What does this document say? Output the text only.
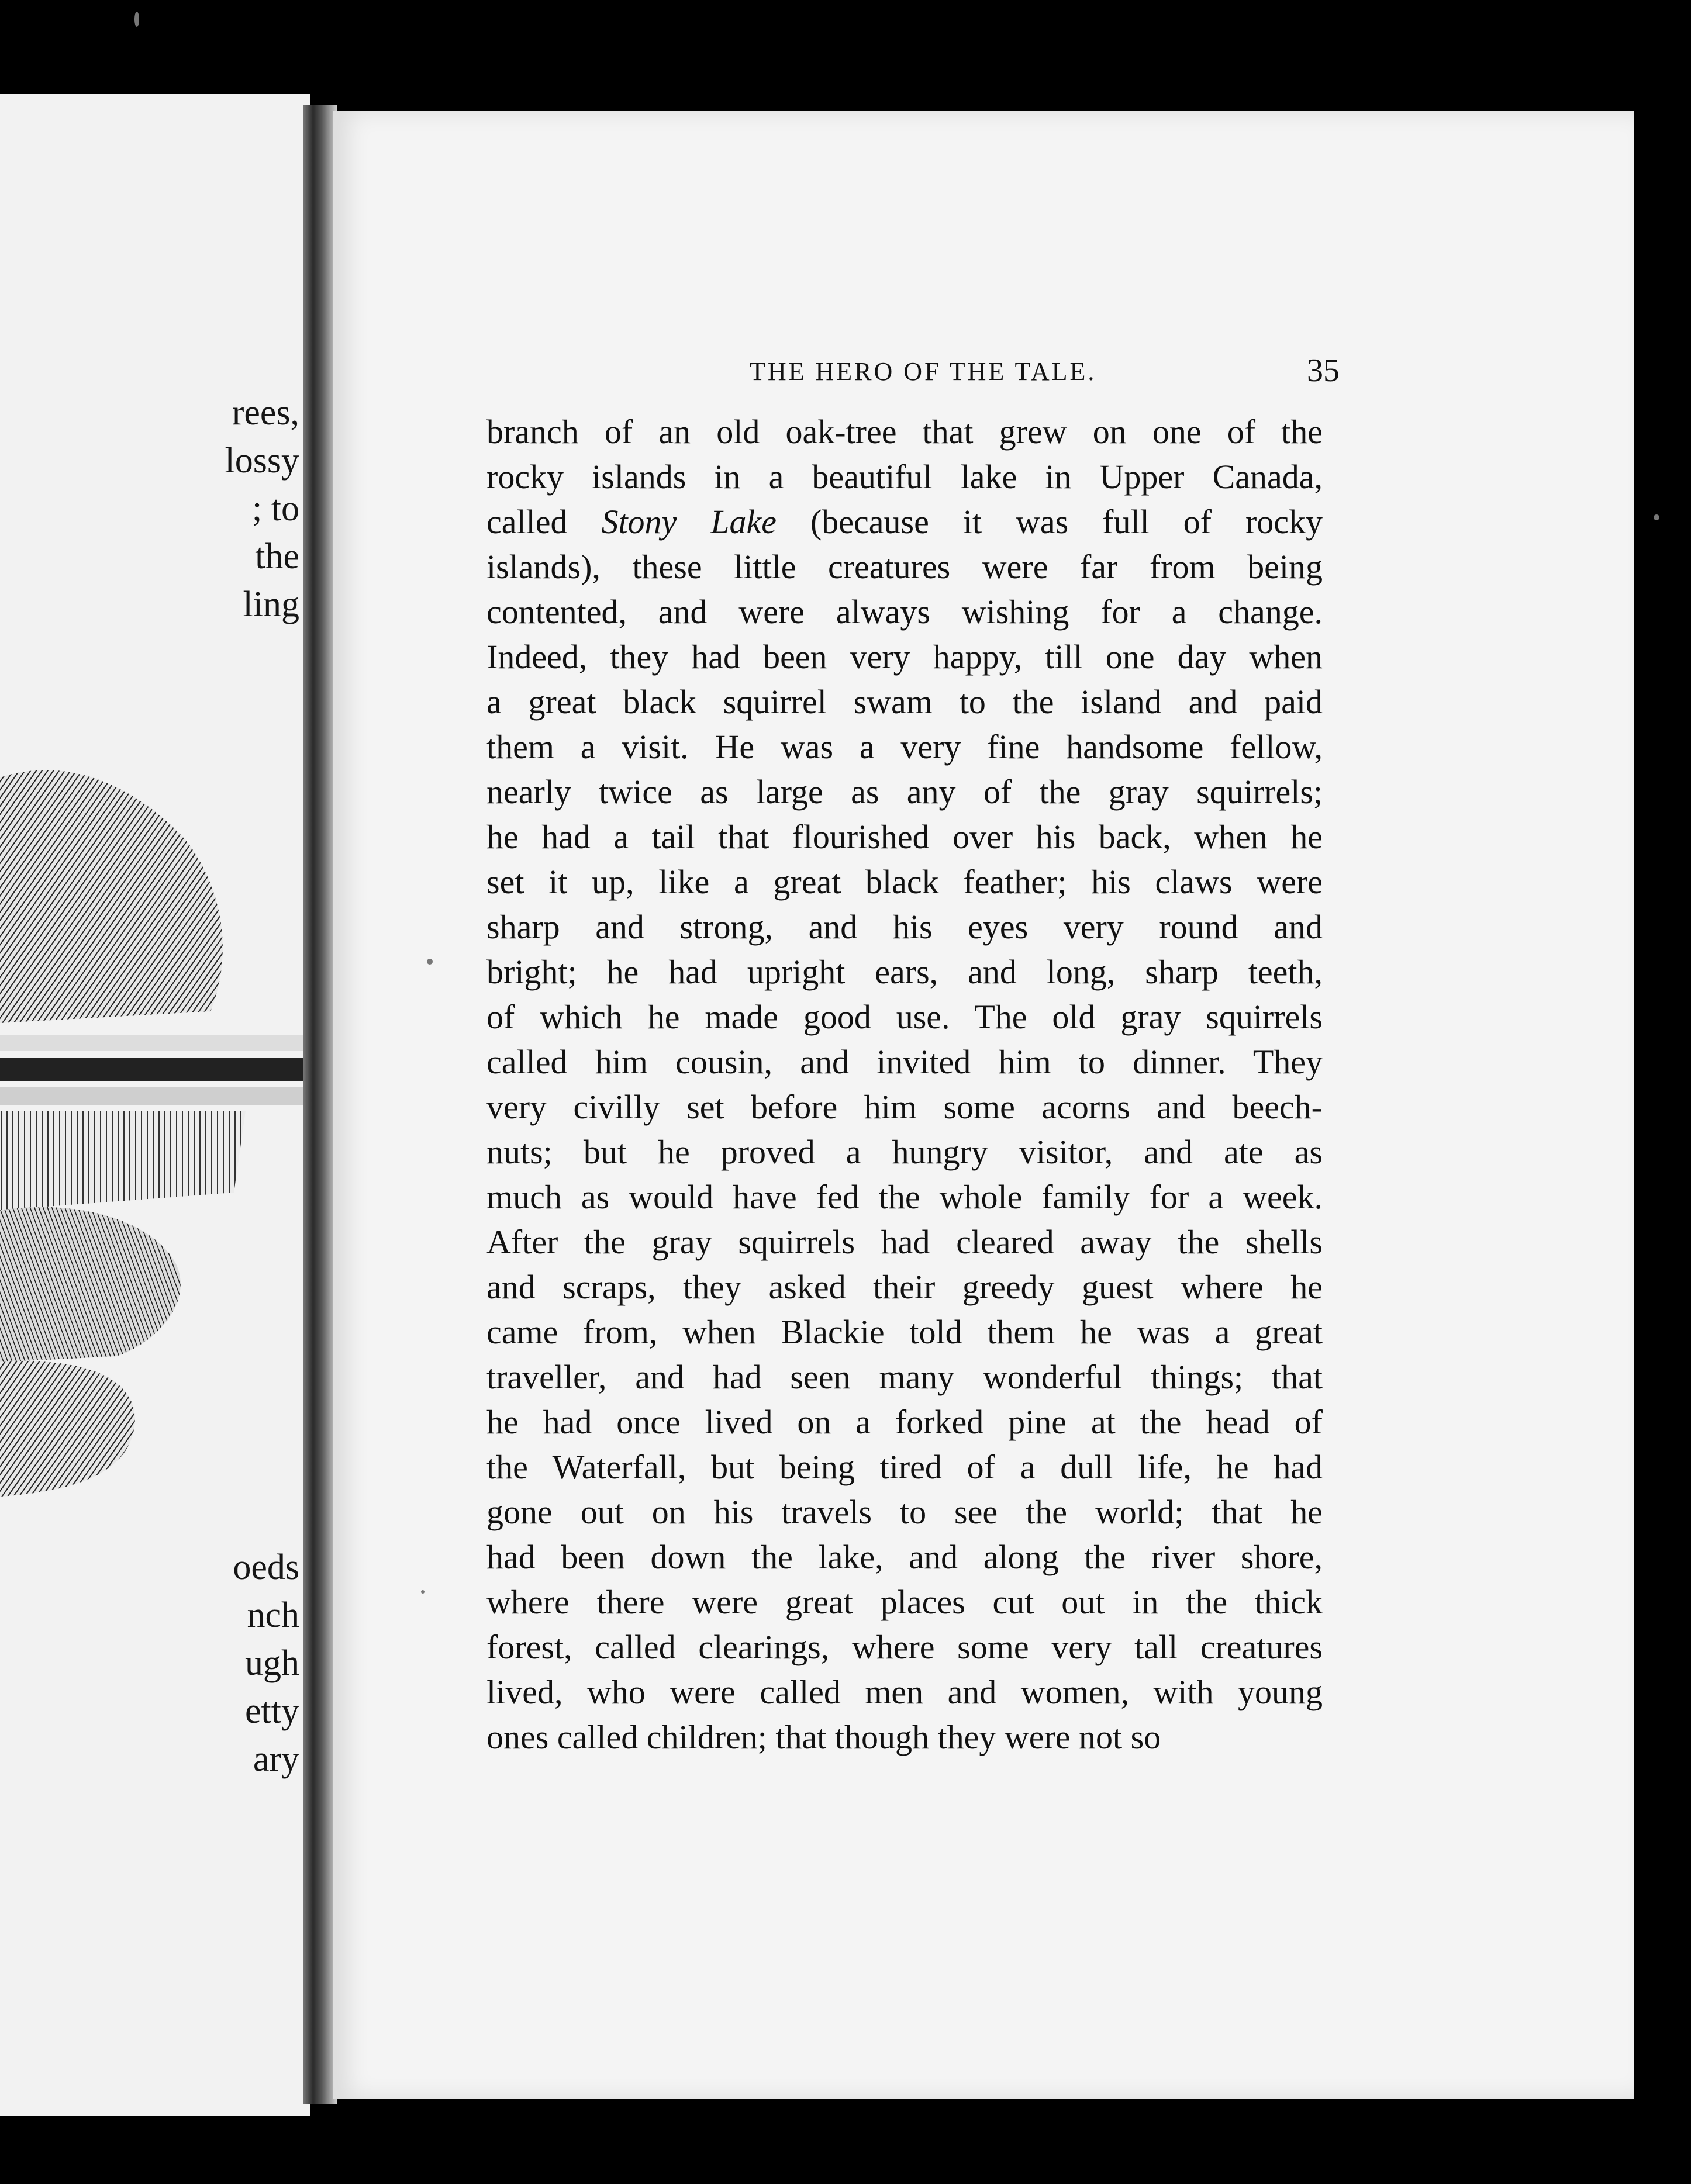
rees,
lossy
; to
the
ling
oeds
nch
ugh
etty
ary
THE HERO OF THE TALE.	35
branch of an old oak-tree that grew on one of the
rocky islands in a beautiful lake in Upper Canada,
called Stony Lake (because it was full of rocky
islands), these little creatures were far from being
contented, and were always wishing for a change.
Indeed, they had been very happy, till one day when
a great black squirrel swam to the island and paid
them a visit. He was a very fine handsome fellow,
nearly twice as large as any of the gray squirrels;
he had a tail that flourished over his back, when he
set it up, like a great black feather; his claws were
sharp and strong, and his eyes very round and
bright; he had upright ears, and long, sharp teeth,
of which he made good use. The old gray squirrels
called him cousin, and invited him to dinner. They
very civilly set before him some acorns and beech-
nuts; but he proved a hungry visitor, and ate as
much as would have fed the whole family for a week.
After the gray squirrels had cleared away the shells
and scraps, they asked their greedy guest where he
came from, when Blackie told them he was a great
traveller, and had seen many wonderful things; that
he had once lived on a forked pine at the head of
the Waterfall, but being tired of a dull life, he had
gone out on his travels to see the world; that he
had been down the lake, and along the river shore,
where there were great places cut out in the thick
forest, called clearings, where some very tall creatures
lived, who were called men and women, with young
ones called children; that though they were not so
